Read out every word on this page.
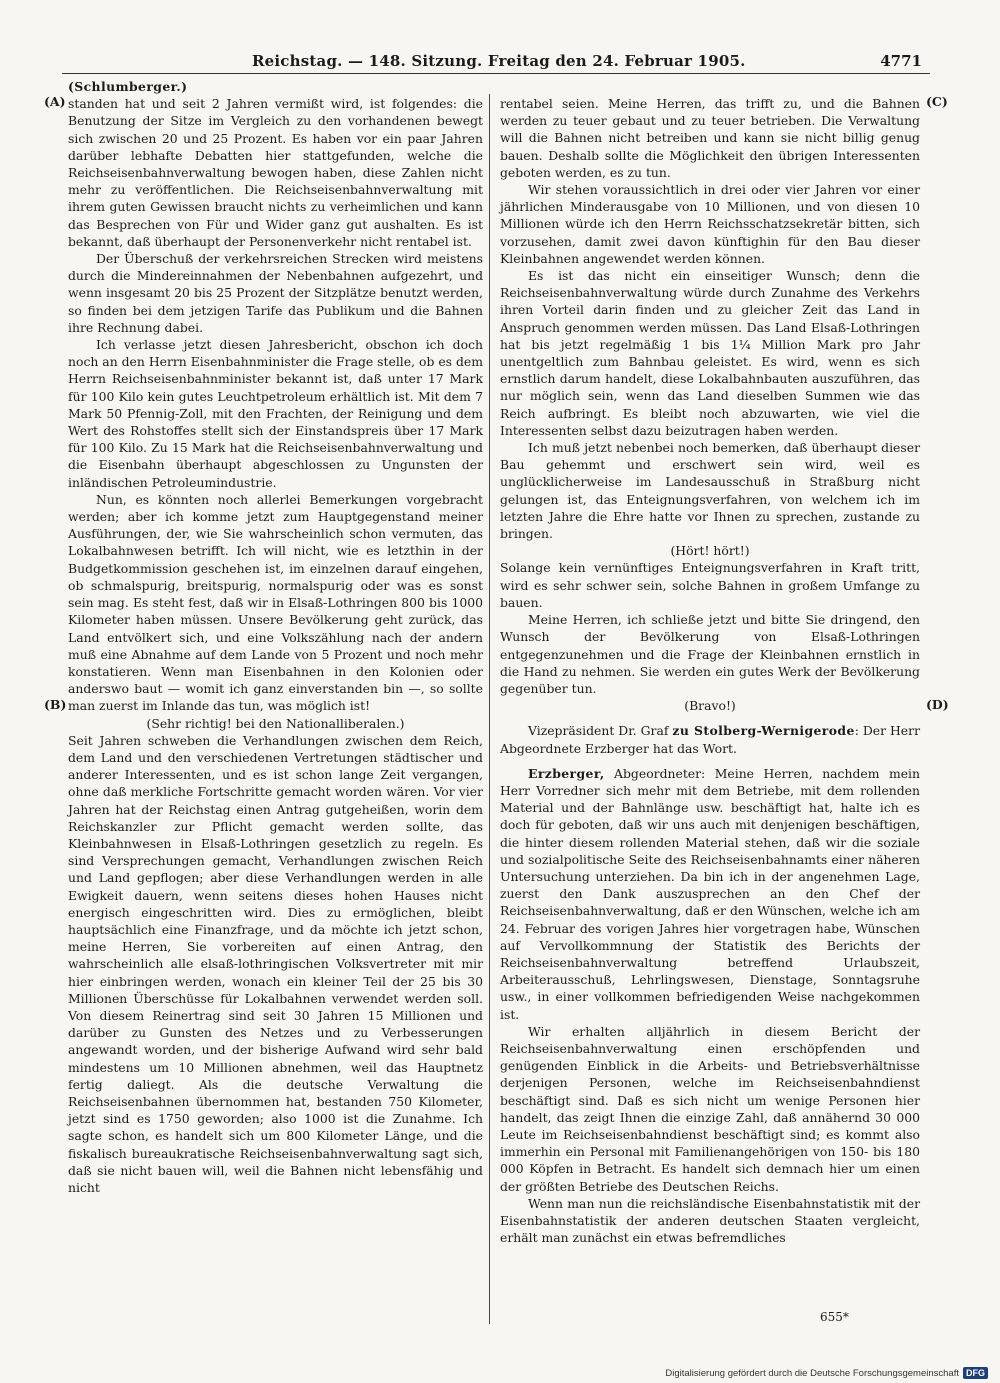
Reichstag. — 148. Sitzung. Freitag den 24. Februar 1905.	4771
(A)
(B)
(C)
(D)

(Schlumberger.)

standen hat und seit 2 Jahren vermißt wird, ist folgendes: die Benutzung der Sitze im Vergleich zu den vorhandenen bewegt sich zwischen 20 und 25 Prozent. Es haben vor ein paar Jahren darüber lebhafte Debatten hier stattgefunden, welche die Reichseisenbahnverwaltung bewogen haben, diese Zahlen nicht mehr zu veröffentlichen. Die Reichseisenbahnverwaltung mit ihrem guten Gewissen braucht nichts zu verheimlichen und kann das Besprechen von Für und Wider ganz gut aushalten. Es ist bekannt, daß überhaupt der Personenverkehr nicht rentabel ist.

Der Überschuß der verkehrsreichen Strecken wird meistens durch die Mindereinnahmen der Nebenbahnen aufgezehrt, und wenn insgesamt 20 bis 25 Prozent der Sitzplätze benutzt werden, so finden bei dem jetzigen Tarife das Publikum und die Bahnen ihre Rechnung dabei.

Ich verlasse jetzt diesen Jahresbericht, obschon ich doch noch an den Herrn Eisenbahnminister die Frage stelle, ob es dem Herrn Reichseisenbahnminister bekannt ist, daß unter 17 Mark für 100 Kilo kein gutes Leuchtpetroleum erhältlich ist. Mit dem 7 Mark 50 Pfennig-Zoll, mit den Frachten, der Reinigung und dem Wert des Rohstoffes stellt sich der Einstandspreis über 17 Mark für 100 Kilo. Zu 15 Mark hat die Reichseisenbahnverwaltung und die Eisenbahn überhaupt abgeschlossen zu Ungunsten der inländischen Petroleumindustrie.

Nun, es könnten noch allerlei Bemerkungen vorgebracht werden; aber ich komme jetzt zum Hauptgegenstand meiner Ausführungen, der, wie Sie wahrscheinlich schon vermuten, das Lokalbahnwesen betrifft. Ich will nicht, wie es letzthin in der Budgetkommission geschehen ist, im einzelnen darauf eingehen, ob schmalspurig, breitspurig, normalspurig oder was es sonst sein mag. Es steht fest, daß wir in Elsaß-Lothringen 800 bis 1000 Kilometer haben müssen. Unsere Bevölkerung geht zurück, das Land entvölkert sich, und eine Volkszählung nach der andern muß eine Abnahme auf dem Lande von 5 Prozent und noch mehr konstatieren. Wenn man Eisenbahnen in den Kolonien oder anderswo baut — womit ich ganz einverstanden bin —, so sollte man zuerst im Inlande das tun, was möglich ist!

(Sehr richtig! bei den Nationalliberalen.)

Seit Jahren schweben die Verhandlungen zwischen dem Reich, dem Land und den verschiedenen Vertretungen städtischer und anderer Interessenten, und es ist schon lange Zeit vergangen, ohne daß merkliche Fortschritte gemacht worden wären. Vor vier Jahren hat der Reichstag einen Antrag gutgeheißen, worin dem Reichskanzler zur Pflicht gemacht werden sollte, das Kleinbahnwesen in Elsaß-Lothringen gesetzlich zu regeln. Es sind Versprechungen gemacht, Verhandlungen zwischen Reich und Land gepflogen; aber diese Verhandlungen werden in alle Ewigkeit dauern, wenn seitens dieses hohen Hauses nicht energisch eingeschritten wird. Dies zu ermöglichen, bleibt hauptsächlich eine Finanzfrage, und da möchte ich jetzt schon, meine Herren, Sie vorbereiten auf einen Antrag, den wahrscheinlich alle elsaß-lothringischen Volksvertreter mit mir hier einbringen werden, wonach ein kleiner Teil der 25 bis 30 Millionen Überschüsse für Lokalbahnen verwendet werden soll. Von diesem Reinertrag sind seit 30 Jahren 15 Millionen und darüber zu Gunsten des Netzes und zu Verbesserungen angewandt worden, und der bisherige Aufwand wird sehr bald mindestens um 10 Millionen abnehmen, weil das Hauptnetz fertig daliegt. Als die deutsche Verwaltung die Reichseisenbahnen übernommen hat, bestanden 750 Kilometer, jetzt sind es 1750 geworden; also 1000 ist die Zunahme. Ich sagte schon, es handelt sich um 800 Kilometer Länge, und die fiskalisch bureaukratische Reichseisenbahnverwaltung sagt sich, daß sie nicht bauen will, weil die Bahnen nicht lebensfähig und nicht

rentabel seien. Meine Herren, das trifft zu, und die Bahnen werden zu teuer gebaut und zu teuer betrieben. Die Verwaltung will die Bahnen nicht betreiben und kann sie nicht billig genug bauen. Deshalb sollte die Möglichkeit den übrigen Interessenten geboten werden, es zu tun.

Wir stehen voraussichtlich in drei oder vier Jahren vor einer jährlichen Minderausgabe von 10 Millionen, und von diesen 10 Millionen würde ich den Herrn Reichsschatzsekretär bitten, sich vorzusehen, damit zwei davon künftighin für den Bau dieser Kleinbahnen angewendet werden können.

Es ist das nicht ein einseitiger Wunsch; denn die Reichseisenbahnverwaltung würde durch Zunahme des Verkehrs ihren Vorteil darin finden und zu gleicher Zeit das Land in Anspruch genommen werden müssen. Das Land Elsaß-Lothringen hat bis jetzt regelmäßig 1 bis 1¼ Million Mark pro Jahr unentgeltlich zum Bahnbau geleistet. Es wird, wenn es sich ernstlich darum handelt, diese Lokalbahnbauten auszuführen, das nur möglich sein, wenn das Land dieselben Summen wie das Reich aufbringt. Es bleibt noch abzuwarten, wie viel die Interessenten selbst dazu beizutragen haben werden.

Ich muß jetzt nebenbei noch bemerken, daß überhaupt dieser Bau gehemmt und erschwert sein wird, weil es unglücklicherweise im Landesausschuß in Straßburg nicht gelungen ist, das Enteignungsverfahren, von welchem ich im letzten Jahre die Ehre hatte vor Ihnen zu sprechen, zustande zu bringen.

(Hört! hört!)

Solange kein vernünftiges Enteignungsverfahren in Kraft tritt, wird es sehr schwer sein, solche Bahnen in großem Umfange zu bauen.

Meine Herren, ich schließe jetzt und bitte Sie dringend, den Wunsch der Bevölkerung von Elsaß-Lothringen entgegenzunehmen und die Frage der Kleinbahnen ernstlich in die Hand zu nehmen. Sie werden ein gutes Werk der Bevölkerung gegenüber tun.

(Bravo!)

Vizepräsident Dr. Graf zu Stolberg-Wernigerode: Der Herr Abgeordnete Erzberger hat das Wort.

Erzberger, Abgeordneter: Meine Herren, nachdem mein Herr Vorredner sich mehr mit dem Betriebe, mit dem rollenden Material und der Bahnlänge usw. beschäftigt hat, halte ich es doch für geboten, daß wir uns auch mit denjenigen beschäftigen, die hinter diesem rollenden Material stehen, daß wir die soziale und sozialpolitische Seite des Reichseisenbahnamts einer näheren Untersuchung unterziehen. Da bin ich in der angenehmen Lage, zuerst den Dank auszusprechen an den Chef der Reichseisenbahnverwaltung, daß er den Wünschen, welche ich am 24. Februar des vorigen Jahres hier vorgetragen habe, Wünschen auf Vervollkommnung der Statistik des Berichts der Reichseisenbahnverwaltung betreffend Urlaubszeit, Arbeiterausschuß, Lehrlingswesen, Dienstage, Sonntagsruhe usw., in einer vollkommen befriedigenden Weise nachgekommen ist.

Wir erhalten alljährlich in diesem Bericht der Reichseisenbahnverwaltung einen erschöpfenden und genügenden Einblick in die Arbeits- und Betriebsverhältnisse derjenigen Personen, welche im Reichseisenbahndienst beschäftigt sind. Daß es sich nicht um wenige Personen hier handelt, das zeigt Ihnen die einzige Zahl, daß annähernd 30 000 Leute im Reichseisenbahndienst beschäftigt sind; es kommt also immerhin ein Personal mit Familienangehörigen von 150- bis 180 000 Köpfen in Betracht. Es handelt sich demnach hier um einen der größten Betriebe des Deutschen Reichs.

Wenn man nun die reichsländische Eisenbahnstatistik mit der Eisenbahnstatistik der anderen deutschen Staaten vergleicht, erhält man zunächst ein etwas befremdliches

655*
Digitalisierung gefördert durch die Deutsche Forschungsgemeinschaft DFG
